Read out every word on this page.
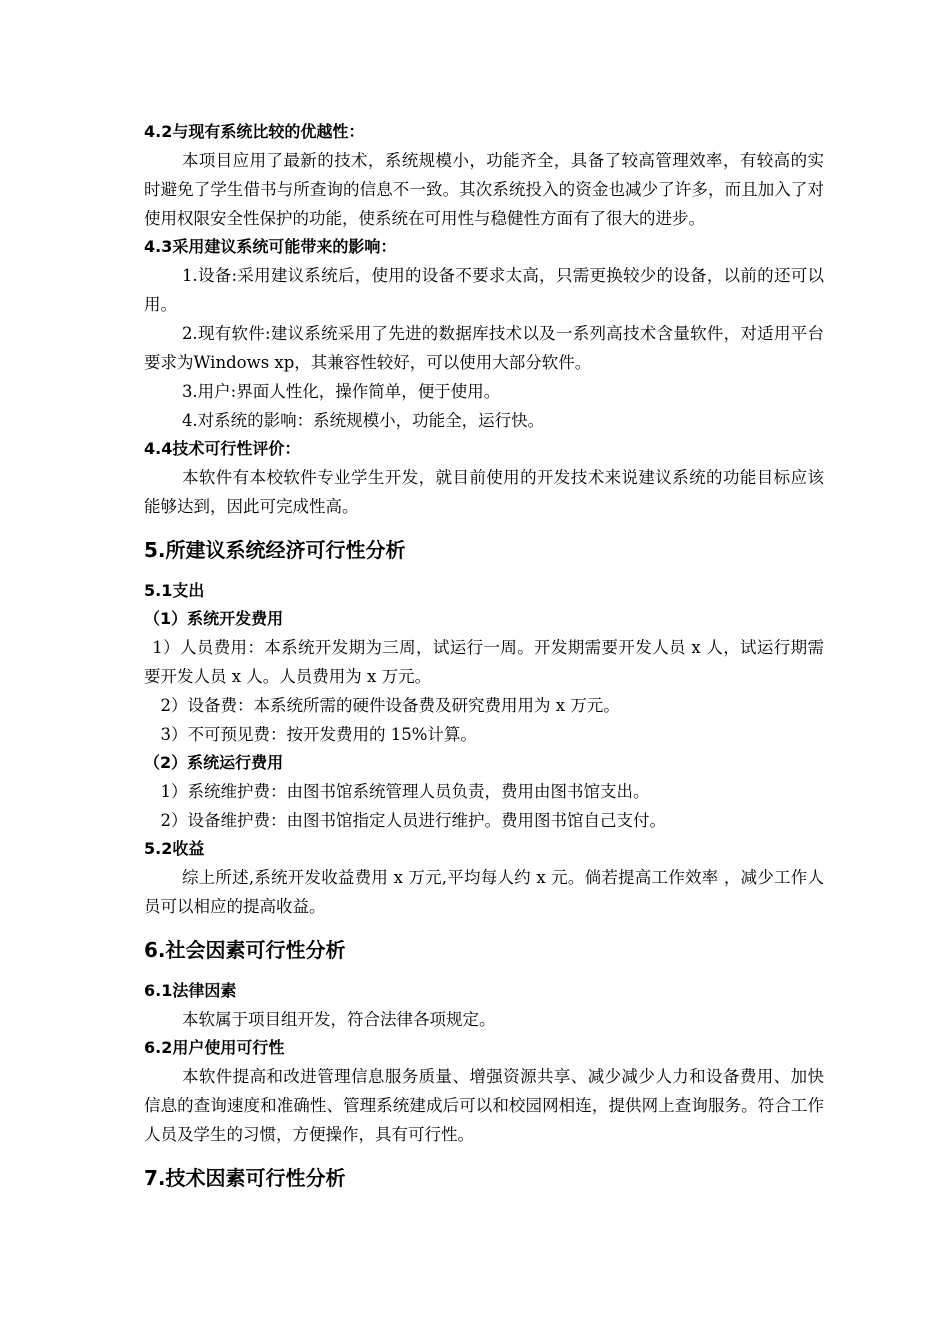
4.2与现有系统比较的优越性：

本项目应用了最新的技术，系统规模小，功能齐全，具备了较高管理效率，有较高的实时避免了学生借书与所查询的信息不一致。其次系统投入的资金也减少了许多，而且加入了对使用权限安全性保护的功能，使系统在可用性与稳健性方面有了很大的进步。

4.3采用建议系统可能带来的影响：

1.设备:采用建议系统后，使用的设备不要求太高，只需更换较少的设备，以前的还可以用。

2.现有软件:建议系统采用了先进的数据库技术以及一系列高技术含量软件，对适用平台要求为Windows xp，其兼容性较好，可以使用大部分软件。

3.用户:界面人性化，操作简单，便于使用。

4.对系统的影响：系统规模小，功能全，运行快。

4.4技术可行性评价：

本软件有本校软件专业学生开发，就目前使用的开发技术来说建议系统的功能目标应该能够达到，因此可完成性高。

5.所建议系统经济可行性分析
5.1支出
（1）系统开发费用

1）人员费用：本系统开发期为三周，试运行一周。开发期需要开发人员 x 人，试运行期需要开发人员 x 人。人员费用为 x 万元。

2）设备费：本系统所需的硬件设备费及研究费用用为 x 万元。

3）不可预见费：按开发费用的 15%计算。

（2）系统运行费用

1）系统维护费：由图书馆系统管理人员负责，费用由图书馆支出。

2）设备维护费：由图书馆指定人员进行维护。费用图书馆自己支付。

5.2收益

综上所述,系统开发收益费用 x 万元,平均每人约 x 元。倘若提高工作效率 ，减少工作人员可以相应的提高收益。

6.社会因素可行性分析
6.1法律因素

本软属于项目组开发，符合法律各项规定。

6.2用户使用可行性

本软件提高和改进管理信息服务质量、增强资源共享、减少减少人力和设备费用、加快信息的查询速度和准确性、管理系统建成后可以和校园网相连，提供网上查询服务。符合工作人员及学生的习惯，方便操作，具有可行性。

7.技术因素可行性分析
